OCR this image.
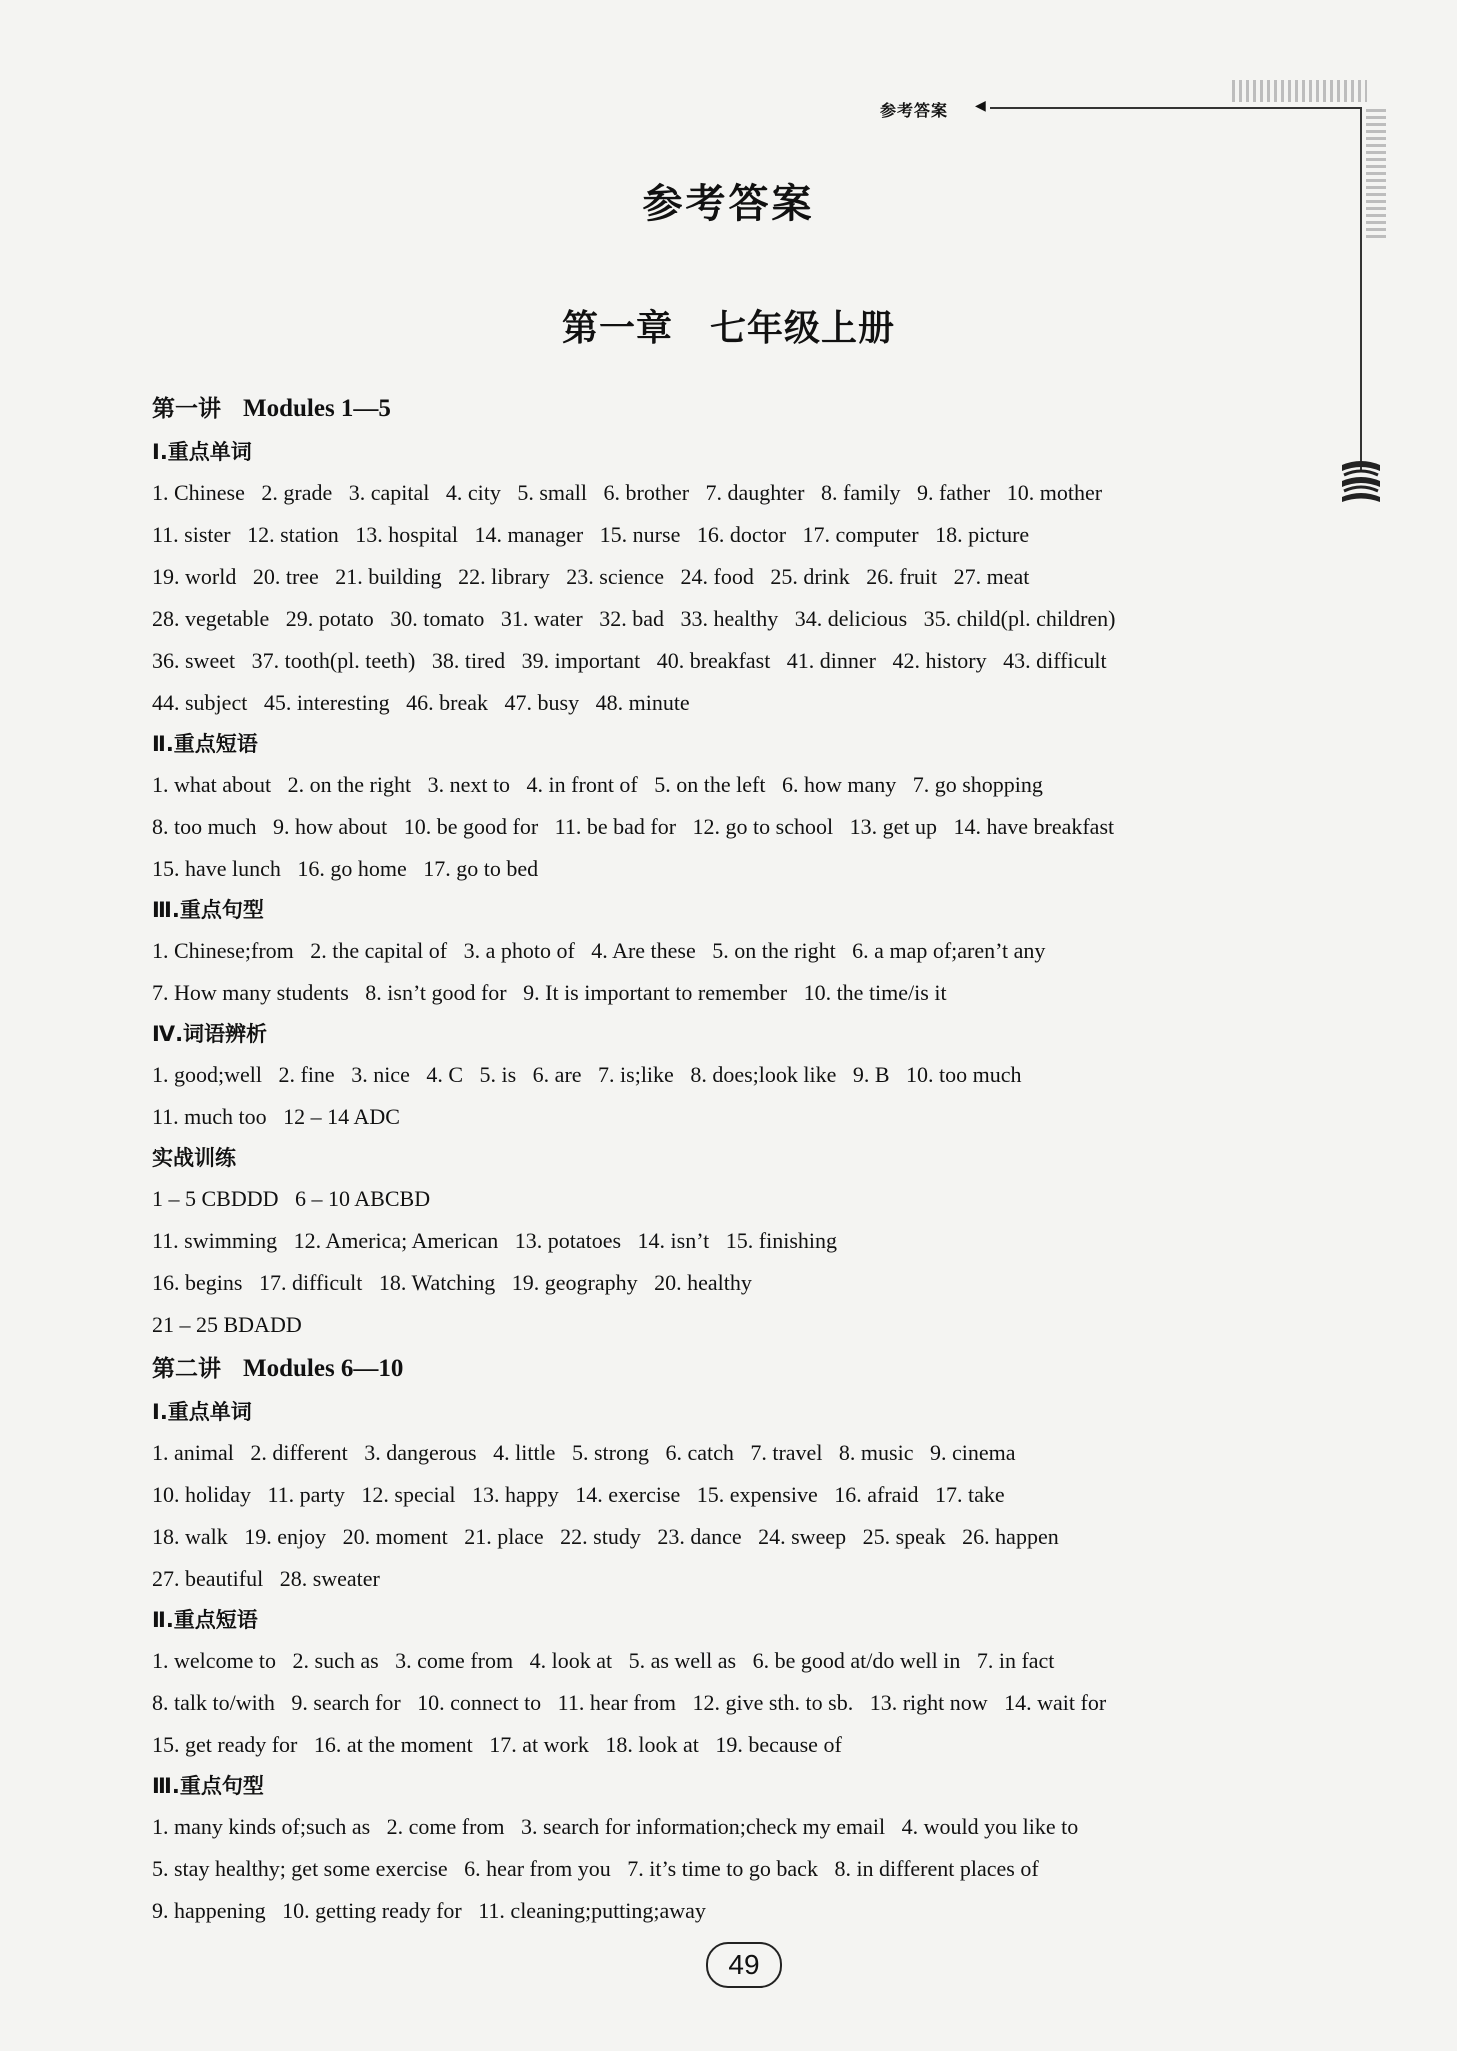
参考答案 ◀
参考答案
第一章　七年级上册
第一讲 Modules 1—5
Ⅰ.重点单词
1. Chinese   2. grade   3. capital   4. city   5. small   6. brother   7. daughter   8. family   9. father   10. mother
11. sister   12. station   13. hospital   14. manager   15. nurse   16. doctor   17. computer   18. picture
19. world   20. tree   21. building   22. library   23. science   24. food   25. drink   26. fruit   27. meat
28. vegetable   29. potato   30. tomato   31. water   32. bad   33. healthy   34. delicious   35. child(pl. children)
36. sweet   37. tooth(pl. teeth)   38. tired   39. important   40. breakfast   41. dinner   42. history   43. difficult
44. subject   45. interesting   46. break   47. busy   48. minute
Ⅱ.重点短语
1. what about   2. on the right   3. next to   4. in front of   5. on the left   6. how many   7. go shopping
8. too much   9. how about   10. be good for   11. be bad for   12. go to school   13. get up   14. have breakfast
15. have lunch   16. go home   17. go to bed
Ⅲ.重点句型
1. Chinese;from   2. the capital of   3. a photo of   4. Are these   5. on the right   6. a map of;aren’t any
7. How many students   8. isn’t good for   9. It is important to remember   10. the time/is it
Ⅳ.词语辨析
1. good;well   2. fine   3. nice   4. C   5. is   6. are   7. is;like   8. does;look like   9. B   10. too much
11. much too   12 – 14 ADC
实战训练
1 – 5 CBDDD   6 – 10 ABCBD
11. swimming   12. America; American   13. potatoes   14. isn’t   15. finishing
16. begins   17. difficult   18. Watching   19. geography   20. healthy
21 – 25 BDADD
第二讲 Modules 6—10
Ⅰ.重点单词
1. animal   2. different   3. dangerous   4. little   5. strong   6. catch   7. travel   8. music   9. cinema
10. holiday   11. party   12. special   13. happy   14. exercise   15. expensive   16. afraid   17. take
18. walk   19. enjoy   20. moment   21. place   22. study   23. dance   24. sweep   25. speak   26. happen
27. beautiful   28. sweater
Ⅱ.重点短语
1. welcome to   2. such as   3. come from   4. look at   5. as well as   6. be good at/do well in   7. in fact
8. talk to/with   9. search for   10. connect to   11. hear from   12. give sth. to sb.   13. right now   14. wait for
15. get ready for   16. at the moment   17. at work   18. look at   19. because of
Ⅲ.重点句型
1. many kinds of;such as   2. come from   3. search for information;check my email   4. would you like to
5. stay healthy; get some exercise   6. hear from you   7. it’s time to go back   8. in different places of
9. happening   10. getting ready for   11. cleaning;putting;away
49
